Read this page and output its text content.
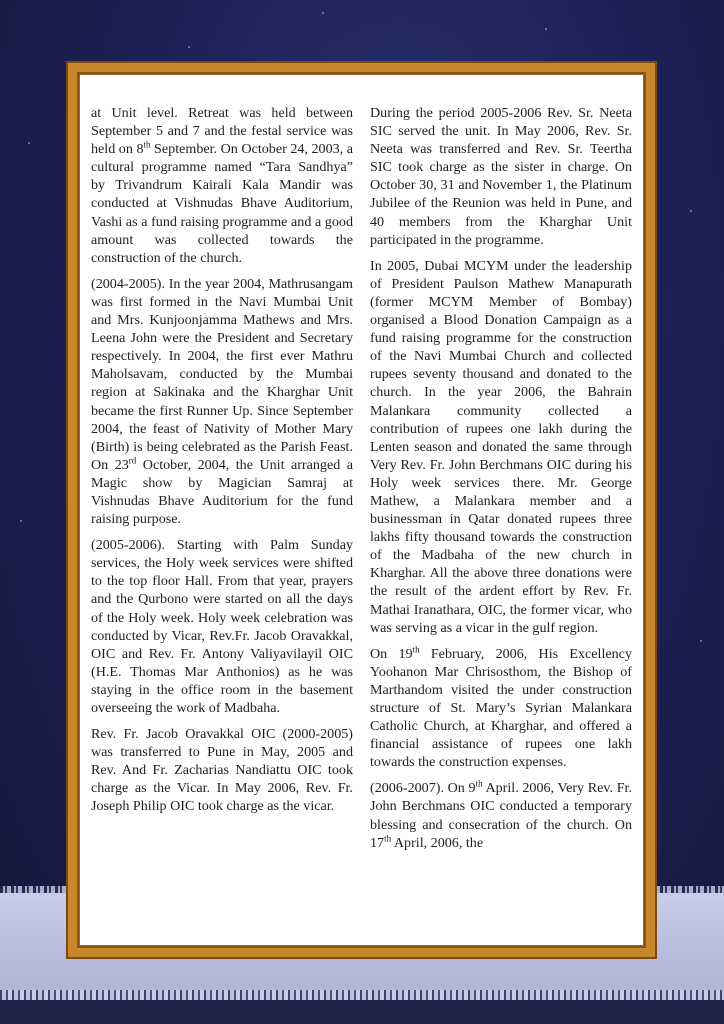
at Unit level. Retreat was held between September 5 and 7 and the festal service was held on 8th September. On October 24, 2003, a cultural programme named “Tara Sandhya” by Trivandrum Kairali Kala Mandir was conducted at Vishnudas Bhave Auditorium, Vashi as a fund raising programme and a good amount was collected towards the construction of the church.

(2004-2005). In the year 2004, Mathrusangam was first formed in the Navi Mumbai Unit and Mrs. Kunjoonjamma Mathews and Mrs. Leena John were the President and Secretary respectively. In 2004, the first ever Mathru Maholsavam, conducted by the Mumbai region at Sakinaka and the Kharghar Unit became the first Runner Up. Since September 2004, the feast of Nativity of Mother Mary (Birth) is being celebrated as the Parish Feast. On 23rd October, 2004, the Unit arranged a Magic show by Magician Samraj at Vishnudas Bhave Auditorium for the fund raising purpose.

(2005-2006). Starting with Palm Sunday services, the Holy week services were shifted to the top floor Hall. From that year, prayers and the Qurbono were started on all the days of the Holy week. Holy week celebration was conducted by Vicar, Rev.Fr. Jacob Oravakkal, OIC and Rev. Fr. Antony Valiyavilayil OIC (H.E. Thomas Mar Anthonios) as he was staying in the office room in the basement overseeing the work of Madbaha.

Rev. Fr. Jacob Oravakkal OIC (2000-2005) was transferred to Pune in May, 2005 and Rev. And Fr. Zacharias Nandiattu OIC took charge as the Vicar. In May 2006, Rev. Fr. Joseph Philip OIC took charge as the vicar.

During the period 2005-2006 Rev. Sr. Neeta SIC served the unit. In May 2006, Rev. Sr. Neeta was transferred and Rev. Sr. Teertha SIC took charge as the sister in charge. On October 30, 31 and November 1, the Platinum Jubilee of the Reunion was held in Pune, and 40 members from the Kharghar Unit participated in the programme.

In 2005, Dubai MCYM under the leadership of President Paulson Mathew Manapurath (former MCYM Member of Bombay) organised a Blood Donation Campaign as a fund raising programme for the construction of the Navi Mumbai Church and collected rupees seventy thousand and donated to the church. In the year 2006, the Bahrain Malankara community collected a contribution of rupees one lakh during the Lenten season and donated the same through Very Rev. Fr. John Berchmans OIC during his Holy week services there. Mr. George Mathew, a Malankara member and a businessman in Qatar donated rupees three lakhs fifty thousand towards the construction of the Madbaha of the new church in Kharghar. All the above three donations were the result of the ardent effort by Rev. Fr. Mathai Iranathara, OIC, the former vicar, who was serving as a vicar in the gulf region.

On 19th February, 2006, His Excellency Yoohanon Mar Chrisosthom, the Bishop of Marthandom visited the under construction structure of St. Mary’s Syrian Malankara Catholic Church, at Kharghar, and offered a financial assistance of rupees one lakh towards the construction expenses.

(2006-2007). On 9th April. 2006, Very Rev. Fr. John Berchmans OIC conducted a temporary blessing and consecration of the church. On 17th April, 2006, the
